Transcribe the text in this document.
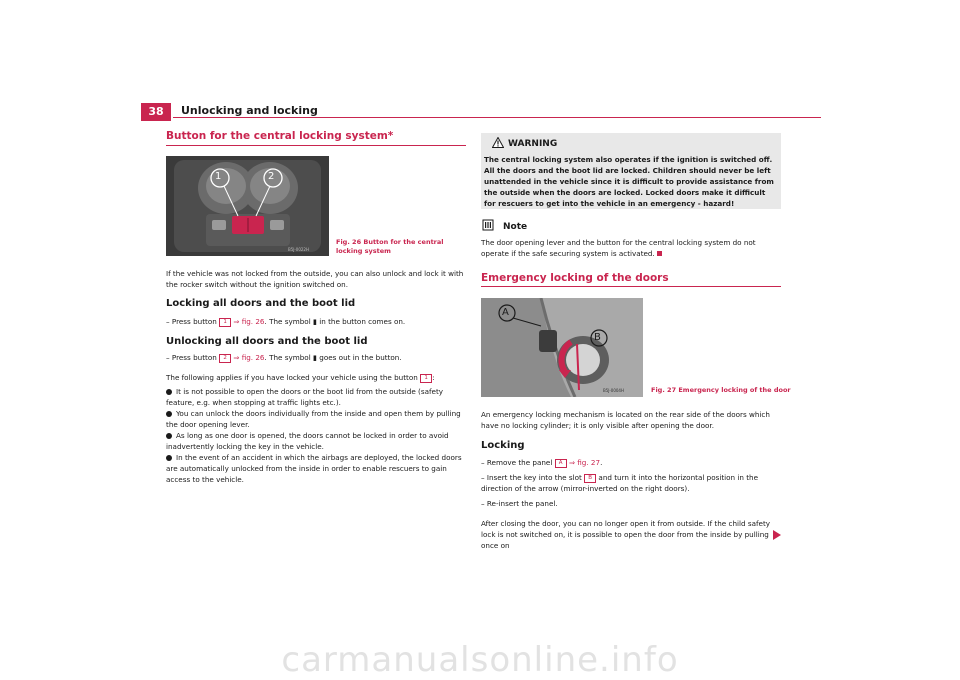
38	Unlocking and locking
Button for the central locking system*
1	2
B5J-0022H
Fig. 26 Button for the central locking system
If the vehicle was not locked from the outside, you can also unlock and lock it with the rocker switch without the ignition switched on.
Locking all doors and the boot lid
– Press button 1 ⇒ fig. 26. The symbol ▮ in the button comes on.
Unlocking all doors and the boot lid
– Press button 2 ⇒ fig. 26. The symbol ▮ goes out in the button.
The following applies if you have locked your vehicle using the button 1 :
It is not possible to open the doors or the boot lid from the outside (safety feature, e.g. when stopping at traffic lights etc.).
You can unlock the doors individually from the inside and open them by pulling the door opening lever.
As long as one door is opened, the doors cannot be locked in order to avoid inadvertently locking the key in the vehicle.
In the event of an accident in which the airbags are deployed, the locked doors are automatically unlocked from the inside in order to enable rescuers to gain access to the vehicle.
WARNING
The central locking system also operates if the ignition is switched off. All the doors and the boot lid are locked. Children should never be left unattended in the vehicle since it is difficult to provide assistance from the outside when the doors are locked. Locked doors make it difficult for rescuers to get into the vehicle in an emergency - hazard!
Note
The door opening lever and the button for the central locking system do not operate if the safe securing system is activated.
Emergency locking of the doors
A
B
B5J-0004H	Fig. 27 Emergency locking of the door
An emergency locking mechanism is located on the rear side of the doors which have no locking cylinder; it is only visible after opening the door.
Locking
– Remove the panel A ⇒ fig. 27.
– Insert the key into the slot B and turn it into the horizontal position in the direction of the arrow (mirror-inverted on the right doors).
– Re-insert the panel.
After closing the door, you can no longer open it from outside. If the child safety lock is not switched on, it is possible to open the door from the inside by pulling once on
carmanualsonline.info
